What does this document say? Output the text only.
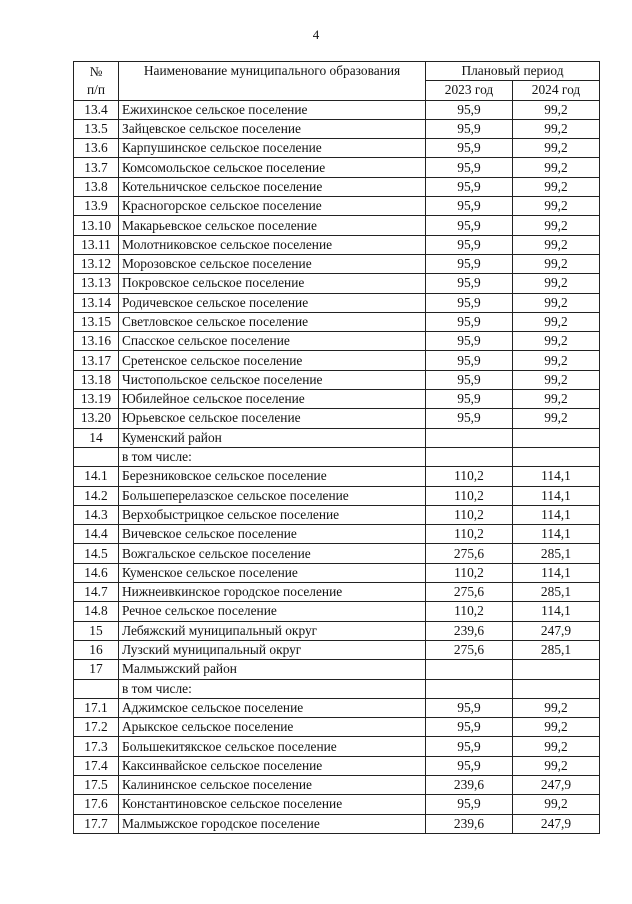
4
№
п/п	Наименование муниципального образования	Плановый период	
		2023 год	2024 год
13.4	Ежихинское сельское поселение	95,9	99,2
13.5	Зайцевское сельское поселение	95,9	99,2
13.6	Карпушинское сельское поселение	95,9	99,2
13.7	Комсомольское сельское поселение	95,9	99,2
13.8	Котельничское сельское поселение	95,9	99,2
13.9	Красногорское сельское поселение	95,9	99,2
13.10	Макарьевское сельское поселение	95,9	99,2
13.11	Молотниковское сельское поселение	95,9	99,2
13.12	Морозовское сельское поселение	95,9	99,2
13.13	Покровское сельское поселение	95,9	99,2
13.14	Родичевское сельское поселение	95,9	99,2
13.15	Светловское сельское поселение	95,9	99,2
13.16	Спасское сельское поселение	95,9	99,2
13.17	Сретенское сельское поселение	95,9	99,2
13.18	Чистопольское сельское поселение	95,9	99,2
13.19	Юбилейное сельское поселение	95,9	99,2
13.20	Юрьевское сельское поселение	95,9	99,2
14	Куменский район		
	в том числе:		
14.1	Березниковское сельское поселение	110,2	114,1
14.2	Большеперелазское сельское поселение	110,2	114,1
14.3	Верхобыстрицкое сельское поселение	110,2	114,1
14.4	Вичевское сельское поселение	110,2	114,1
14.5	Вожгальское сельское поселение	275,6	285,1
14.6	Куменское сельское поселение	110,2	114,1
14.7	Нижнеивкинское городское поселение	275,6	285,1
14.8	Речное сельское поселение	110,2	114,1
15	Лебяжский муниципальный округ	239,6	247,9
16	Лузский муниципальный округ	275,6	285,1
17	Малмыжский район		
	в том числе:		
17.1	Аджимское сельское поселение	95,9	99,2
17.2	Арыкское сельское поселение	95,9	99,2
17.3	Большекитякское сельское поселение	95,9	99,2
17.4	Каксинвайское сельское поселение	95,9	99,2
17.5	Калининское сельское поселение	239,6	247,9
17.6	Константиновское сельское поселение	95,9	99,2
17.7	Малмыжское городское поселение	239,6	247,9
